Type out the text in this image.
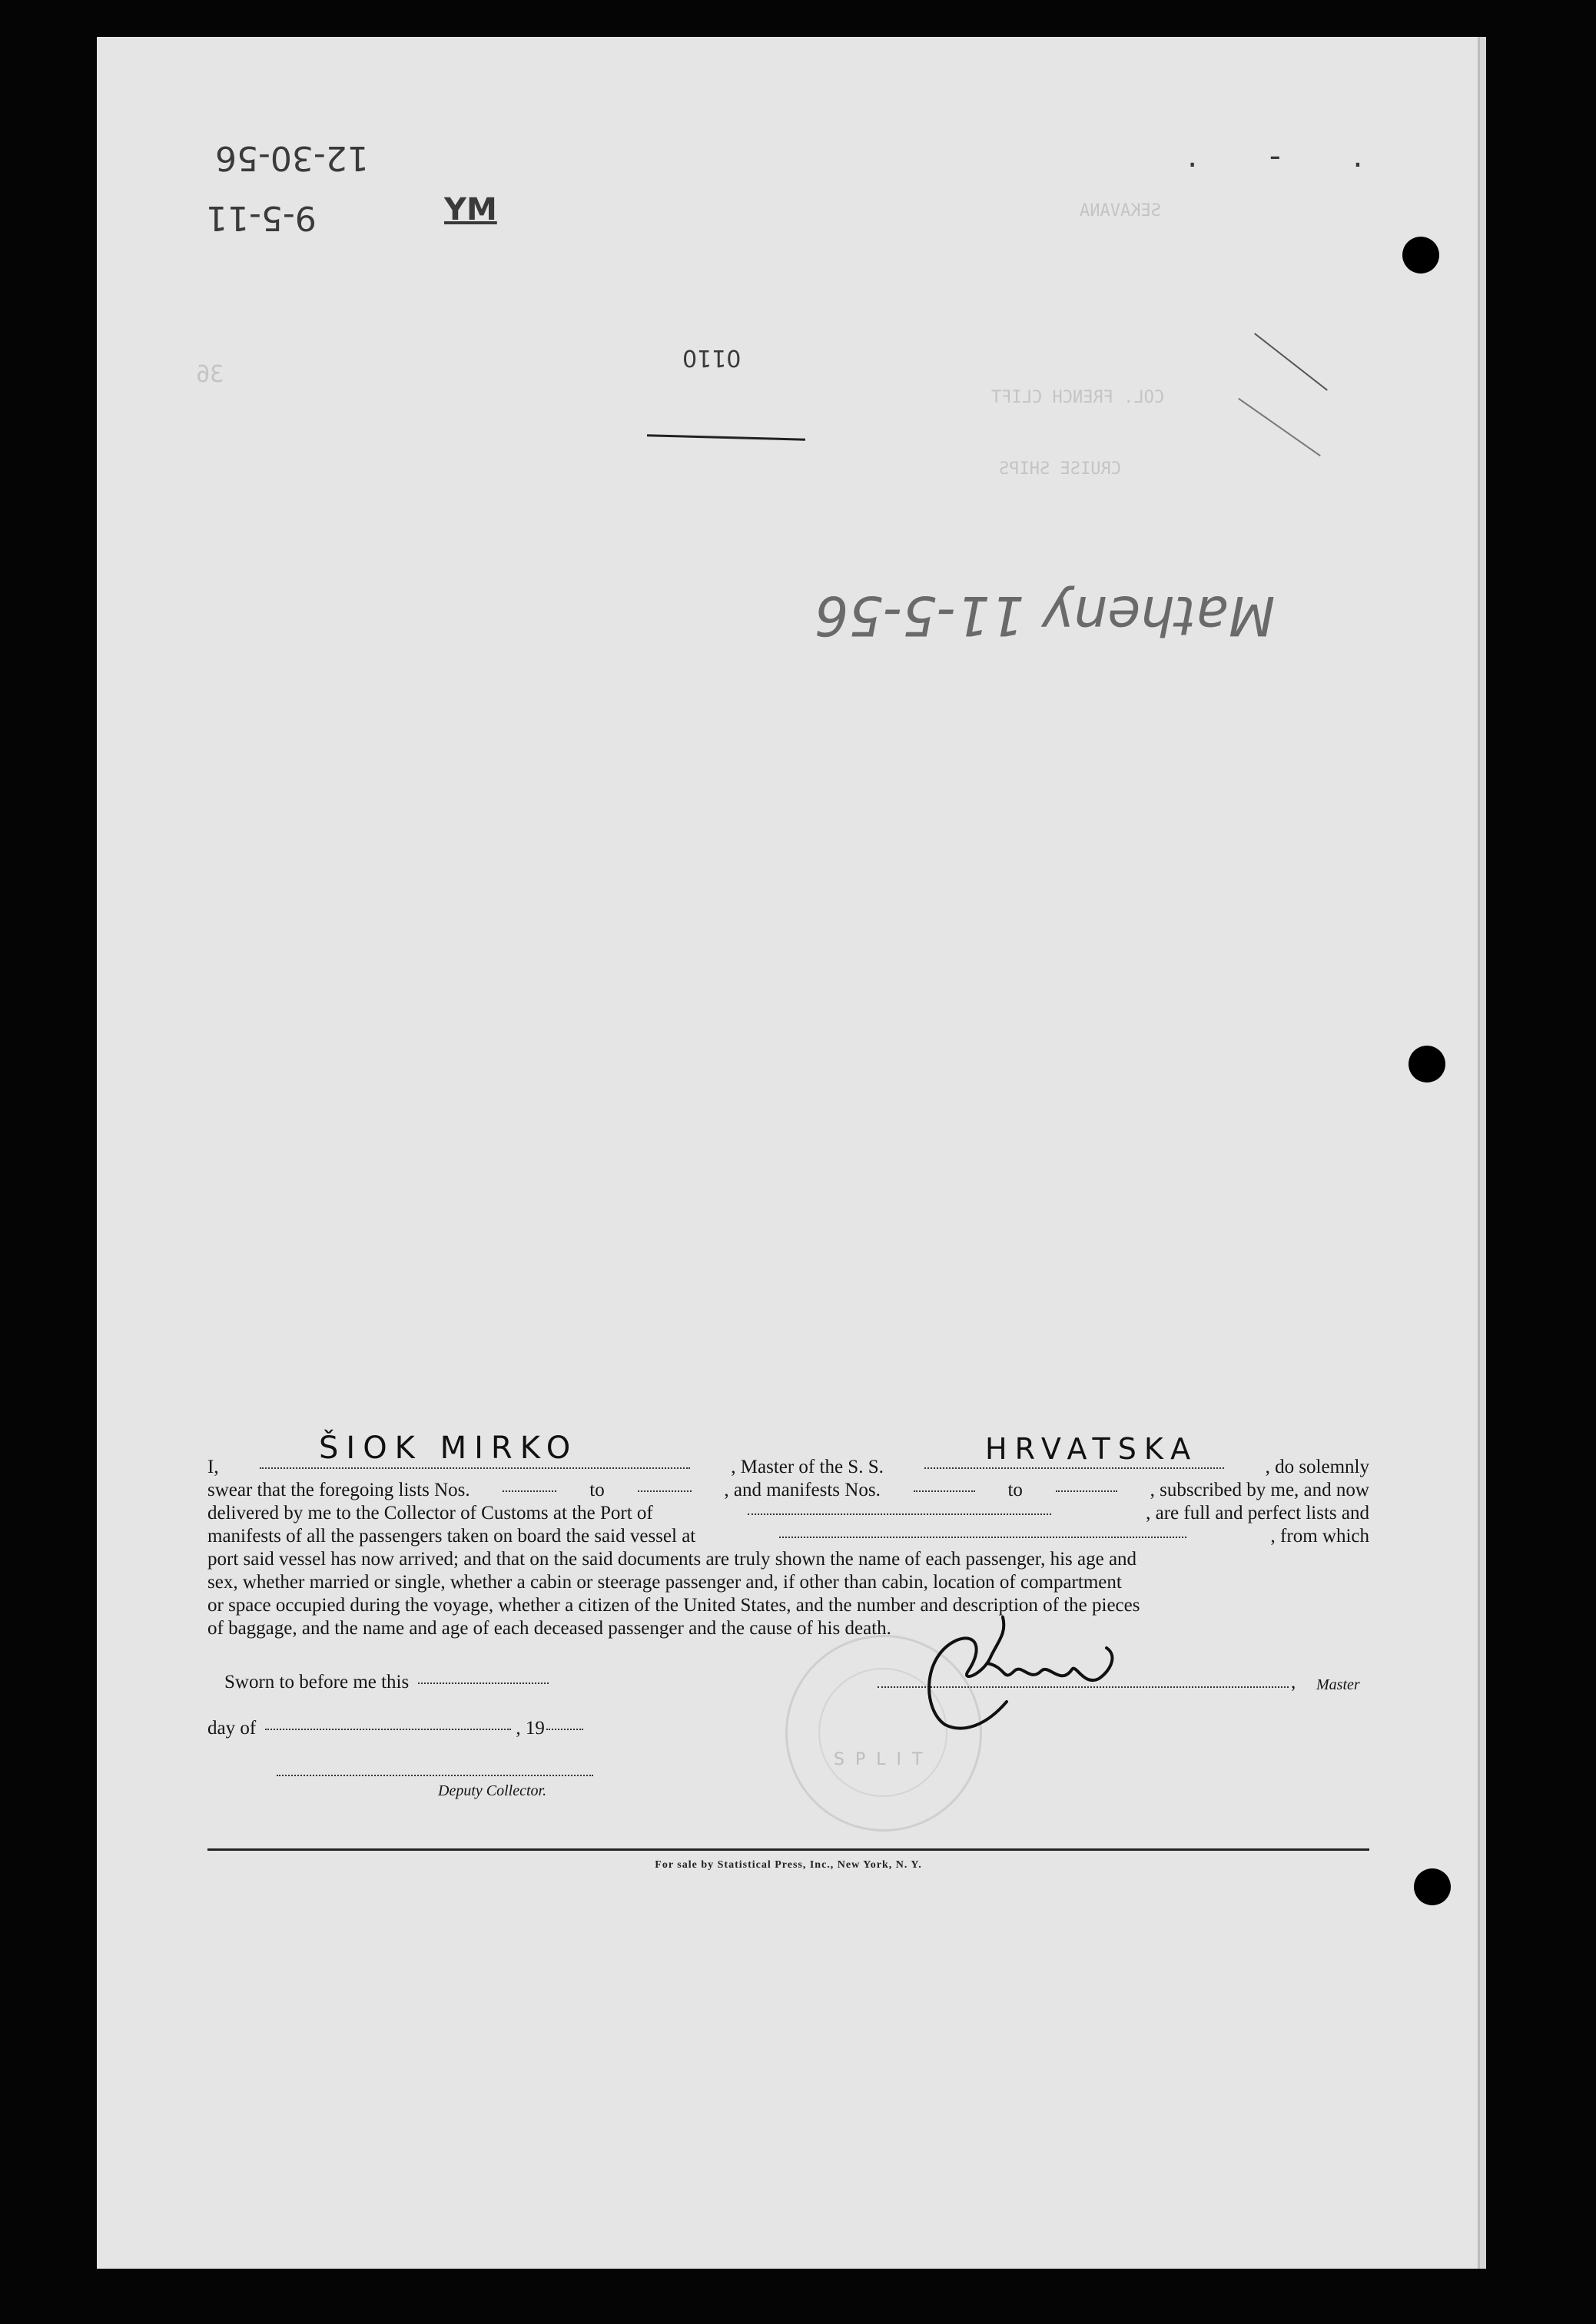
36
SEKAVANA
COL. FRENCH CLIFT
CRUISE SHIPS
12-30-56
9-5-11	YM
0110
. - .
Matheny 11-5-56
I,	, Master of the S. S.	, do solemnly
swear that the foregoing lists Nos.	to	, and manifests Nos.	to	, subscribed by me, and now
delivered by me to the Collector of Customs at the Port of	, are full and perfect lists and
manifests of all the passengers taken on board the said vessel at	, from which
port said vessel has now arrived; and that on the said documents are truly shown the name of each passenger, his age and
sex, whether married or single, whether a cabin or steerage passenger and, if other than cabin, location of compartment
or space occupied during the voyage, whether a citizen of the United States, and the number and description of the pieces
of baggage, and the name and age of each deceased passenger and the cause of his death.
ŠIOK MIRKO	HRVATSKA
SPLIT
Sworn to before me this
day of	, 19
Deputy Collector.
, Master
For sale by Statistical Press, Inc., New York, N. Y.
